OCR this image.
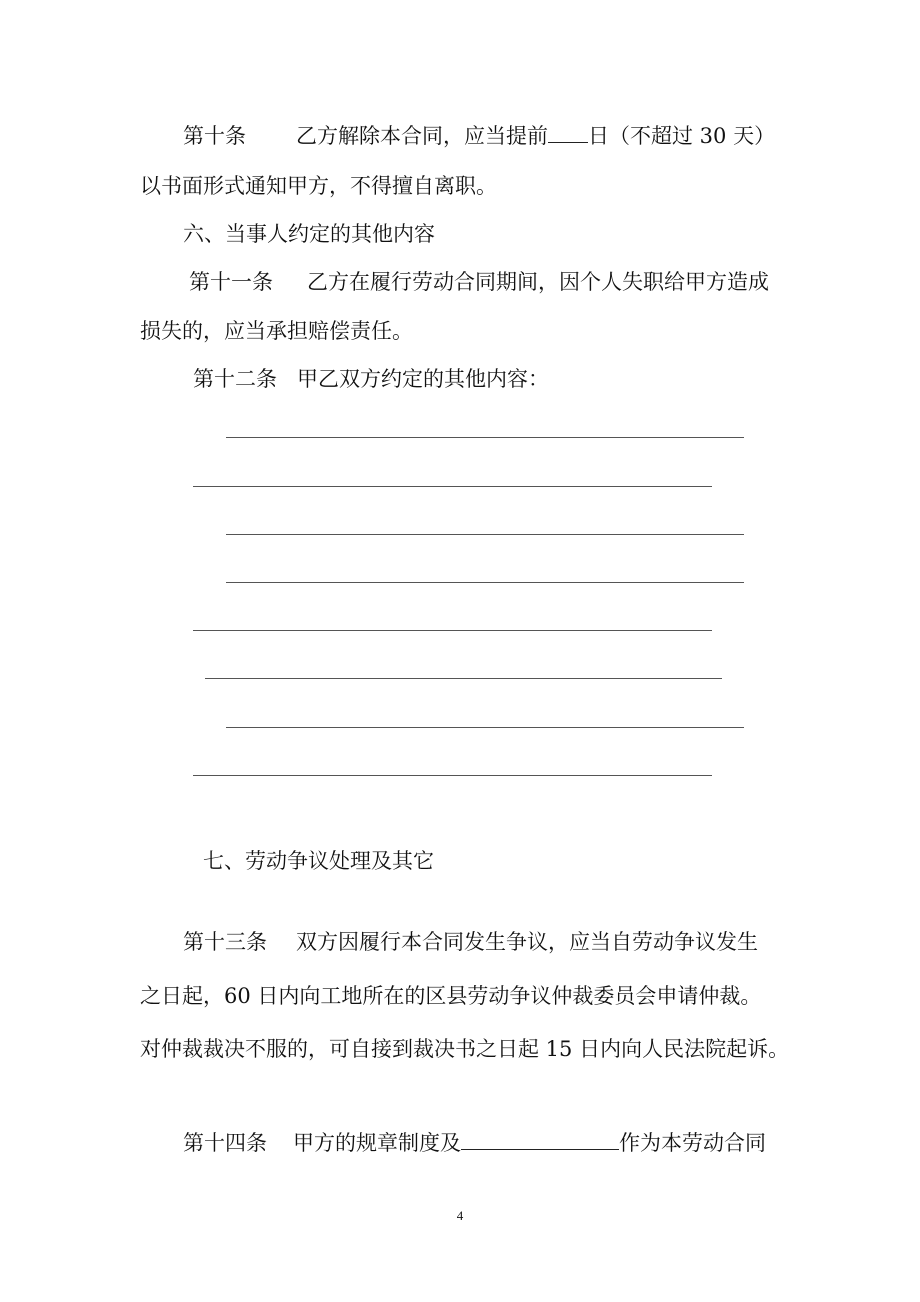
第十条 乙方解除本合同，应当提前 日（不超过 30 天）

以书面形式通知甲方，不得擅自离职。

六、当事人约定的其他内容

第十一条 乙方在履行劳动合同期间，因个人失职给甲方造成

损失的，应当承担赔偿责任。

第十二条 甲乙双方约定的其他内容：

七、劳动争议处理及其它

第十三条 双方因履行本合同发生争议，应当自劳动争议发生

之日起，60 日内向工地所在的区县劳动争议仲裁委员会申请仲裁。

对仲裁裁决不服的，可自接到裁决书之日起 15 日内向人民法院起诉。

第十四条 甲方的规章制度及	作为本劳动合同

4
